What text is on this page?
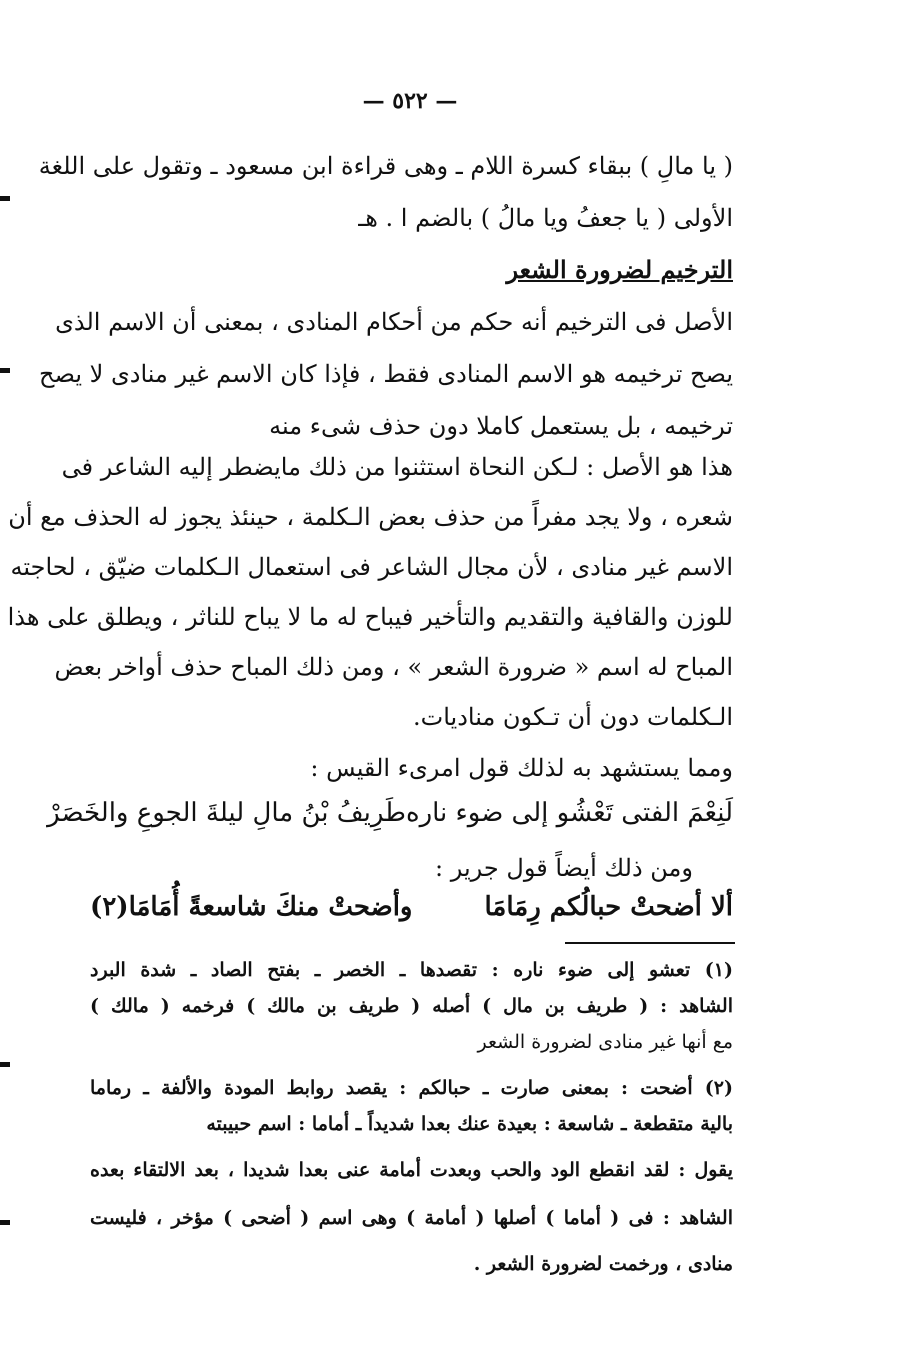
— ٥٢٢ —
( يا مالِ ) ببقاء كسرة اللام ـ وهى قراءة ابن مسعود ـ وتقول على اللغة
الأولى ( يا جعفُ ويا مالُ ) بالضم ا . هـ
الترخيم لضرورة الشعر
الأصل فى الترخيم أنه حكم من أحكام المنادى ، بمعنى أن الاسم الذى
يصح ترخيمه هو الاسم المنادى فقط ، فإذا كان الاسم غير منادى لا يصح
ترخيمه ، بل يستعمل كاملا دون حذف شىء منه
هذا هو الأصل : لـكن النحاة استثنوا من ذلك مايضطر إليه الشاعر فى
شعره ، ولا يجد مفراً من حذف بعض الـكلمة ، حينئذ يجوز له الحذف مع أن
الاسم غير منادى ، لأن مجال الشاعر فى استعمال الـكلمات ضيّق ، لحاجته
للوزن والقافية والتقديم والتأخير فيباح له ما لا يباح للناثر ، ويطلق على هذا
المباح له اسم « ضرورة الشعر » ، ومن ذلك المباح حذف أواخر بعض
الـكلمات دون أن تـكون مناديات.
ومما يستشهد به لذلك قول امرىء القيس :
لَنِعْمَ الفتى تَعْشُو إلى ضوء ناره
طَرِيفُ بْنُ مالِ ليلةَ الجوعِ والخَصَرْ
ومن ذلك أيضاً قول جرير :
ألا أضحتْ حبالُكم رِمَامَا
وأضحتْ منكَ شاسعةً أُمَامَا(٢)
(١) تعشو إلى ضوء ناره : تقصدها ـ الخصر ـ بفتح الصاد ـ شدة البرد
الشاهد : ( طريف بن مال ) أصله ( طريف بن مالك ) فرخمه ( مالك )
مع أنها غير منادى لضرورة الشعر
(٢) أضحت : بمعنى صارت ـ حبالكم : يقصد روابط المودة والألفة ـ رماما
بالية متقطعة ـ شاسعة : بعيدة عنك بعدا شديداً ـ أماما : اسم حبيبته
يقول : لقد انقطع الود والحب وبعدت أمامة عنى بعدا شديدا ، بعد الالتقاء بعده
الشاهد : فى ( أماما ) أصلها ( أمامة ) وهى اسم ( أضحى ) مؤخر ، فليست
منادى ، ورخمت لضرورة الشعر .
